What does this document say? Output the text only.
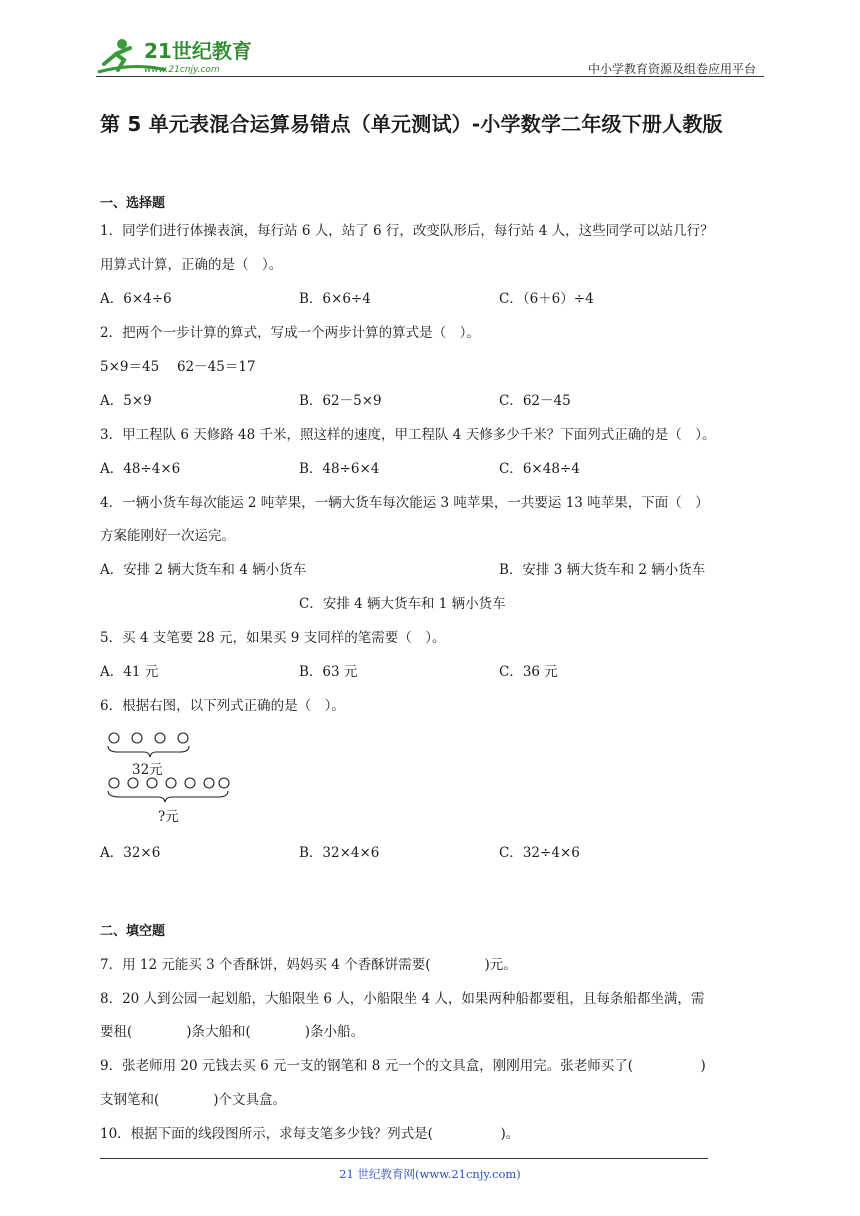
21世纪教育
www.21cnjy.com	中小学教育资源及组卷应用平台
第 5 单元表混合运算易错点（单元测试）-小学数学二年级下册人教版
一、选择题
1．同学们进行体操表演，每行站 6 人，站了 6 行，改变队形后，每行站 4 人，这些同学可以站几行？
用算式计算，正确的是（　）。
A．6×4÷6	B．6×6÷4	C．（6＋6）÷4
2．把两个一步计算的算式，写成一个两步计算的算式是（　）。
5×9＝45　 62－45＝17
A．5×9	B．62－5×9	C．62－45
3．甲工程队 6 天修路 48 千米，照这样的速度，甲工程队 4 天修多少千米？下面列式正确的是（　）。
A．48÷4×6	B．48÷6×4	C．6×48÷4
4．一辆小货车每次能运 2 吨苹果，一辆大货车每次能运 3 吨苹果，一共要运 13 吨苹果，下面（　）
方案能刚好一次运完。
A．安排 2 辆大货车和 4 辆小货车	B．安排 3 辆大货车和 2 辆小货车
C．安排 4 辆大货车和 1 辆小货车
5．买 4 支笔要 28 元，如果买 9 支同样的笔需要（　）。
A．41 元	B．63 元	C．36 元
6．根据右图，以下列式正确的是（　）。
32元
?元
A．32×6	B．32×4×6	C．32÷4×6
二、填空题
7．用 12 元能买 3 个香酥饼，妈妈买 4 个香酥饼需要(　　　　)元。
8．20 人到公园一起划船，大船限坐 6 人，小船限坐 4 人，如果两种船都要租，且每条船都坐满，需
要租(　　　　)条大船和(　　　　)条小船。
9．张老师用 20 元钱去买 6 元一支的钢笔和 8 元一个的文具盒，刚刚用完。张老师买了(　　　　　)
支钢笔和(　　　　)个文具盒。
10．根据下面的线段图所示，求每支笔多少钱？列式是(　　　　　)。
21 世纪教育网(www.21cnjy.com)
